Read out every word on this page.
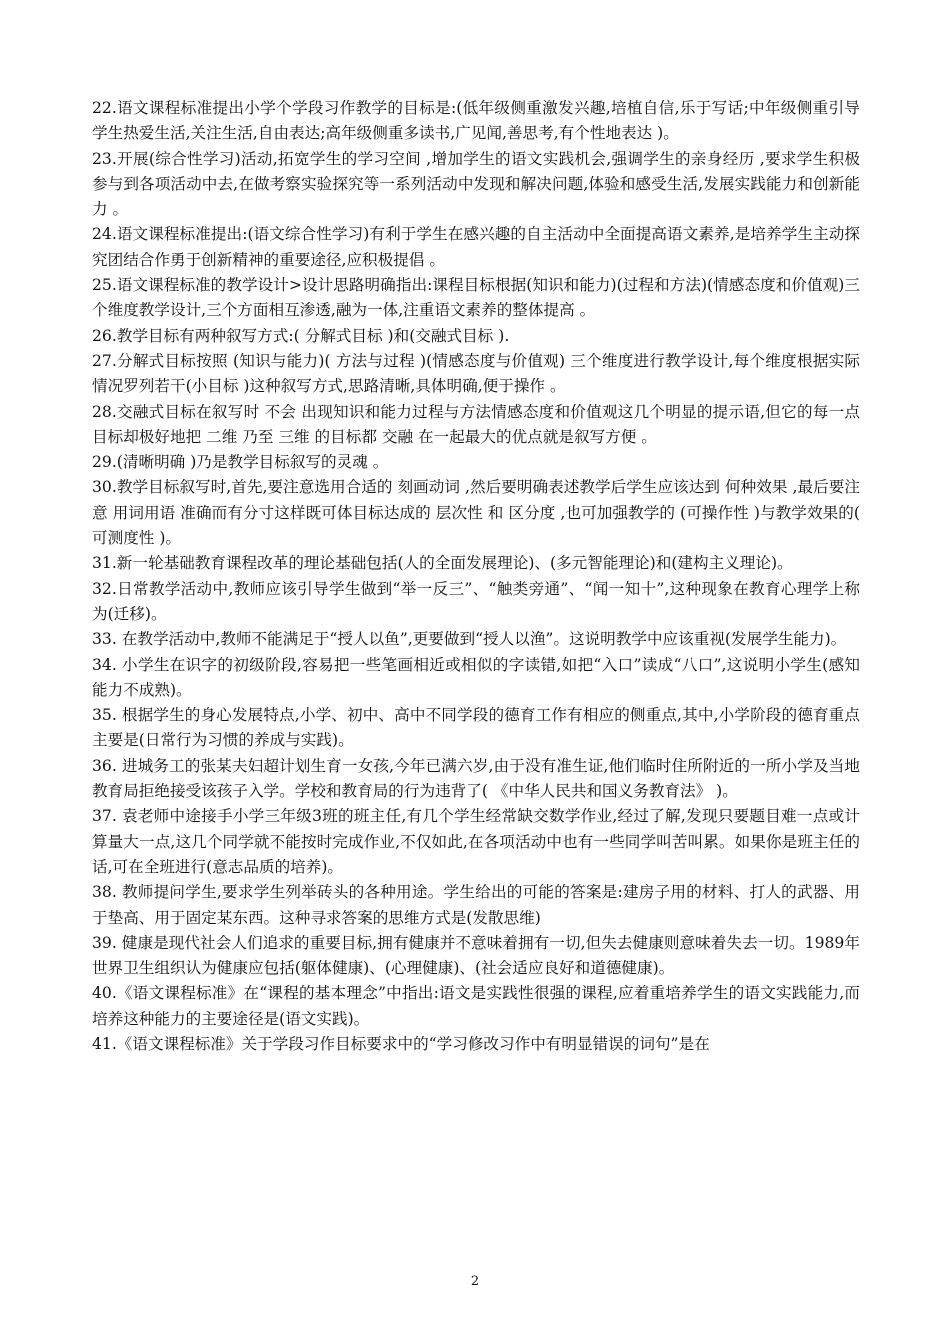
22.语文课程标准提出小学个学段习作教学的目标是:(低年级侧重激发兴趣,培植自信,乐于写话;中年级侧重引导学生热爱生活,关注生活,自由表达;高年级侧重多读书,广见闻,善思考,有个性地表达 )。

23.开展(综合性学习)活动,拓宽学生的学习空间 ,增加学生的语文实践机会,强调学生的亲身经历 ,要求学生积极参与到各项活动中去,在做考察实验探究等一系列活动中发现和解决问题,体验和感受生活,发展实践能力和创新能力 。

24.语文课程标准提出:(语文综合性学习)有利于学生在感兴趣的自主活动中全面提高语文素养,是培养学生主动探究团结合作勇于创新精神的重要途径,应积极提倡 。

25.语文课程标准的教学设计>设计思路明确指出:课程目标根据(知识和能力)(过程和方法)(情感态度和价值观)三个维度教学设计,三个方面相互渗透,融为一体,注重语文素养的整体提高 。

26.教学目标有两种叙写方式:( 分解式目标 )和(交融式目标 ).

27.分解式目标按照 (知识与能力)( 方法与过程 )(情感态度与价值观) 三个维度进行教学设计,每个维度根据实际情况罗列若干(小目标 )这种叙写方式,思路清晰,具体明确,便于操作 。

28.交融式目标在叙写时 不会 出现知识和能力过程与方法情感态度和价值观这几个明显的提示语,但它的每一点目标却极好地把 二维 乃至 三维 的目标都 交融 在一起最大的优点就是叙写方便 。

29.(清晰明确 )乃是教学目标叙写的灵魂 。

30.教学目标叙写时,首先,要注意选用合适的 刻画动词 ,然后要明确表述教学后学生应该达到 何种效果 ,最后要注意 用词用语 准确而有分寸这样既可体目标达成的 层次性 和 区分度 ,也可加强教学的 (可操作性 )与教学效果的( 可测度性 )。

31.新一轮基础教育课程改革的理论基础包括(人的全面发展理论)、(多元智能理论)和(建构主义理论)。

32.日常教学活动中,教师应该引导学生做到“举一反三”、“触类旁通”、“闻一知十”,这种现象在教育心理学上称为(迁移)。

33. 在教学活动中,教师不能满足于“授人以鱼”,更要做到“授人以渔”。这说明教学中应该重视(发展学生能力)。

34. 小学生在识字的初级阶段,容易把一些笔画相近或相似的字读错,如把“入口”读成“八口”,这说明小学生(感知能力不成熟)。

35. 根据学生的身心发展特点,小学、初中、高中不同学段的德育工作有相应的侧重点,其中,小学阶段的德育重点主要是(日常行为习惯的养成与实践)。

36. 进城务工的张某夫妇超计划生育一女孩,今年已满六岁,由于没有准生证,他们临时住所附近的一所小学及当地教育局拒绝接受该孩子入学。学校和教育局的行为违背了( 《中华人民共和国义务教育法》 )。

37. 袁老师中途接手小学三年级3班的班主任,有几个学生经常缺交数学作业,经过了解,发现只要题目难一点或计算量大一点,这几个同学就不能按时完成作业,不仅如此,在各项活动中也有一些同学叫苦叫累。如果你是班主任的话,可在全班进行(意志品质的培养)。

38. 教师提问学生,要求学生列举砖头的各种用途。学生给出的可能的答案是:建房子用的材料、打人的武器、用于垫高、用于固定某东西。这种寻求答案的思维方式是(发散思维)

39. 健康是现代社会人们追求的重要目标,拥有健康并不意味着拥有一切,但失去健康则意味着失去一切。1989年世界卫生组织认为健康应包括(躯体健康)、(心理健康)、(社会适应良好和道德健康)。

40.《语文课程标准》在“课程的基本理念”中指出:语文是实践性很强的课程,应着重培养学生的语文实践能力,而培养这种能力的主要途径是(语文实践)。

41.《语文课程标准》关于学段习作目标要求中的“学习修改习作中有明显错误的词句”是在

2
